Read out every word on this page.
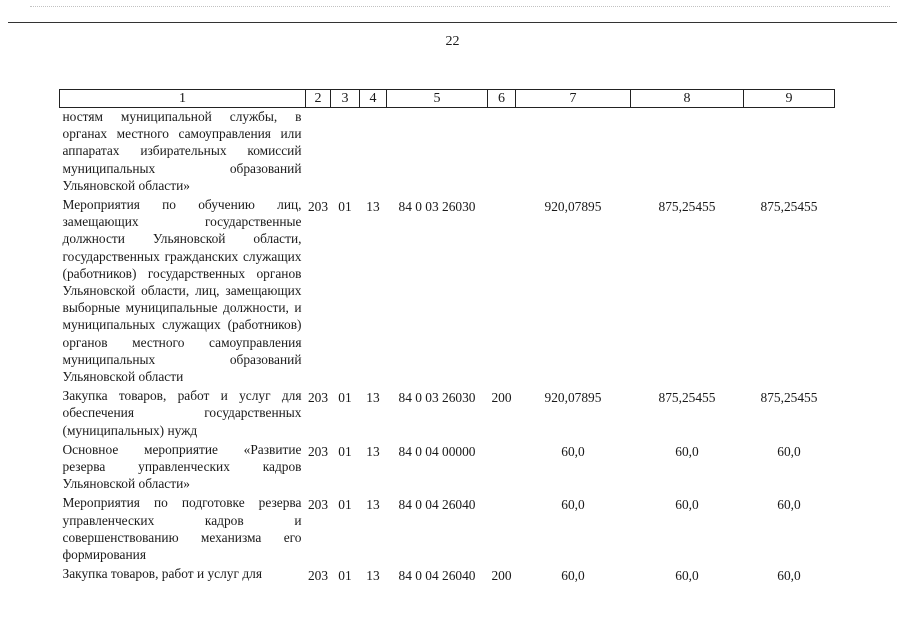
22
1	2	3	4	5	6	7	8	9
ностям муниципальной службы, в органах местного самоуправления или аппаратах избирательных комиссий муниципальных образований Ульяновской области»								

Мероприятия по обучению лиц, замещающих государственные должности Ульяновской области, государственных гражданских служащих (работников) государственных органов Ульяновской области, лиц, замещающих выборные муниципальные должности, и муниципальных служащих (работников) органов местного самоуправления муниципальных образований Ульяновской области	203	01	13	84 0 03 26030		920,07895	875,25455	875,25455

Закупка товаров, работ и услуг для обеспечения государственных (муниципальных) нужд	203	01	13	84 0 03 26030	200	920,07895	875,25455	875,25455

Основное мероприятие «Развитие резерва управленческих кадров Ульяновской области»	203	01	13	84 0 04 00000		60,0	60,0	60,0

Мероприятия по подготовке резерва управленческих кадров и совершенствованию механизма его формирования	203	01	13	84 0 04 26040		60,0	60,0	60,0

Закупка товаров, работ и услуг для	203	01	13	84 0 04 26040	200	60,0	60,0	60,0
